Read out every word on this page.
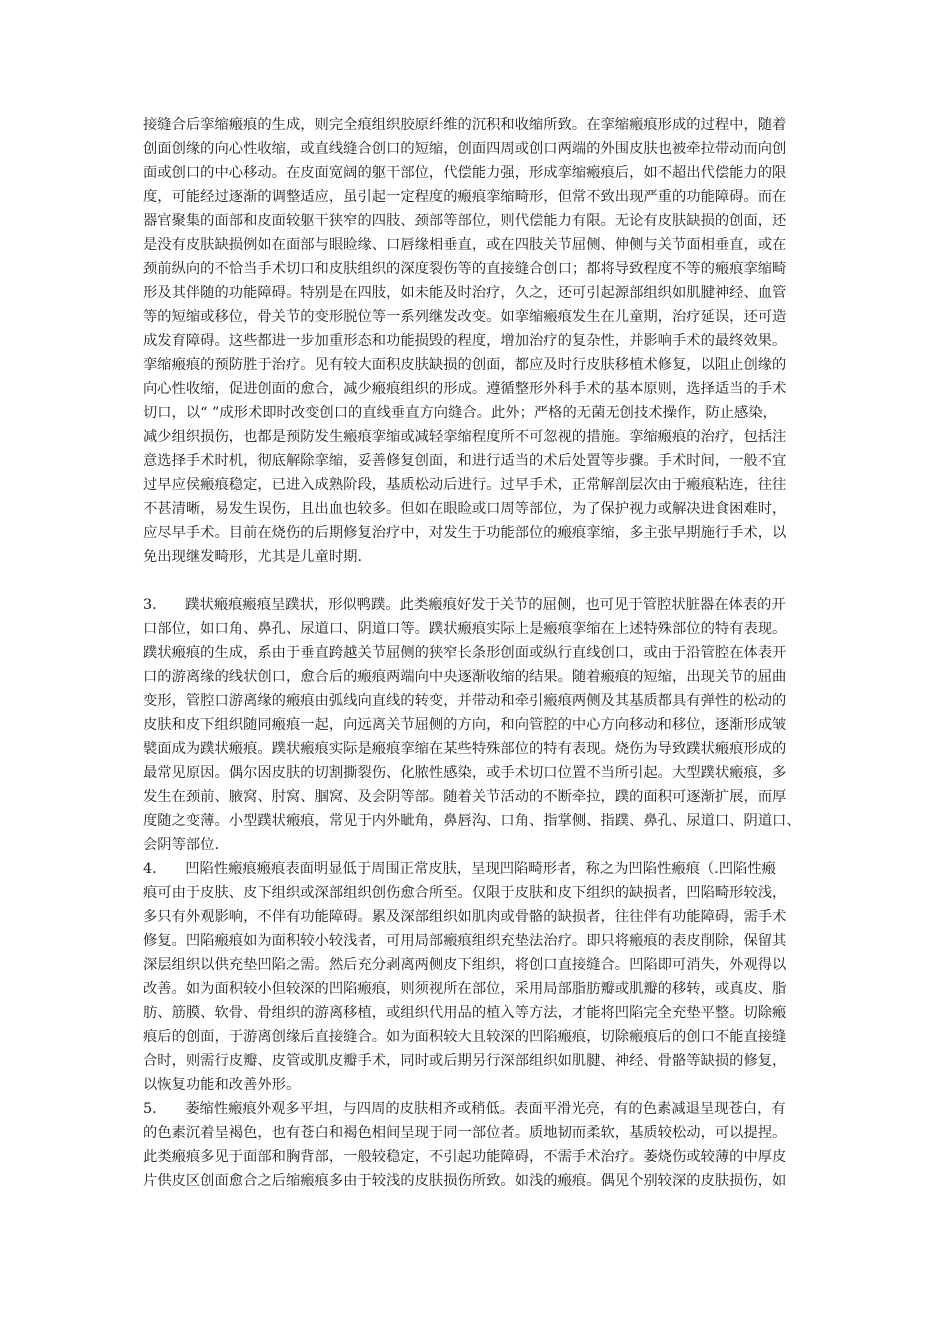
接缝合后挛缩瘢痕的生成，则完全痕组织胶原纤维的沉积和收缩所致。在挛缩瘢痕形成的过程中，随着
创面创缘的向心性收缩，或直线缝合创口的短缩，创面四周或创口两端的外围皮肤也被牵拉带动而向创
面或创口的中心移动。在皮面宽阔的躯干部位，代偿能力强，形成挛缩瘢痕后，如不超出代偿能力的限
度，可能经过逐渐的调整适应，虽引起一定程度的瘢痕挛缩畸形，但常不致出现严重的功能障碍。而在
器官聚集的面部和皮面较躯干狭窄的四肢、颈部等部位，则代偿能力有限。无论有皮肤缺损的创面，还
是没有皮肤缺损例如在面部与眼睑缘、口唇缘相垂直，或在四肢关节屈侧、伸侧与关节面相垂直，或在
颈前纵向的不恰当手术切口和皮肤组织的深度裂伤等的直接缝合创口；都将导致程度不等的瘢痕挛缩畸
形及其伴随的功能障碍。特别是在四肢，如未能及时治疗，久之，还可引起源部组织如肌腱神经、血管
等的短缩或移位，骨关节的变形脱位等一系列继发改变。如挛缩瘢痕发生在儿童期，治疗延误，还可造
成发育障碍。这些都进一步加重形态和功能损毁的程度，增加治疗的复杂性，并影响手术的最终效果。
挛缩瘢痕的预防胜于治疗。见有较大面积皮肤缺损的创面，都应及时行皮肤移植术修复，以阻止创缘的
向心性收缩，促进创面的愈合，减少瘢痕组织的形成。遵循整形外科手术的基本原则，选择适当的手术
切口，以“ ”成形术即时改变创口的直线垂直方向缝合。此外；严格的无菌无创技术操作，防止感染，
减少组织损伤，也都是预防发生瘢痕挛缩或减轻挛缩程度所不可忽视的措施。挛缩瘢痕的治疗，包括注
意选择手术时机，彻底解除挛缩，妥善修复创面，和进行适当的术后处置等步骤。手术时间，一般不宜
过早应侯瘢痕稳定，已进入成熟阶段，基质松动后进行。过早手术，正常解剖层次由于瘢痕粘连，往往
不甚清晰，易发生误伤，且出血也较多。但如在眼睑或口周等部位，为了保护视力或解决进食困难时，
应尽早手术。目前在烧伤的后期修复治疗中，对发生于功能部位的瘢痕挛缩，多主张早期施行手术，以
免出现继发畸形，尤其是儿童时期.
3.　　蹼状瘢痕瘢痕呈蹼状，形似鸭蹼。此类瘢痕好发于关节的屈侧，也可见于管腔状脏器在体表的开
口部位，如口角、鼻孔、尿道口、阴道口等。蹼状瘢痕实际上是瘢痕挛缩在上述特殊部位的特有表现。
蹼状瘢痕的生成，系由于垂直跨越关节屈侧的狭窄长条形创面或纵行直线创口，或由于沿管腔在体表开
口的游离缘的线状创口，愈合后的瘢痕两端向中央逐渐收缩的结果。随着瘢痕的短缩，出现关节的屈曲
变形，管腔口游离缘的瘢痕由弧线向直线的转变，并带动和牵引瘢痕两侧及其基质都具有弹性的松动的
皮肤和皮下组织随同瘢痕一起，向远离关节屈侧的方向，和向管腔的中心方向移动和移位，逐渐形成皱
襞面成为蹼状瘢痕。蹼状瘢痕实际是瘢痕挛缩在某些特殊部位的特有表现。烧伤为导致蹼状瘢痕形成的
最常见原因。偶尔因皮肤的切割撕裂伤、化脓性感染，或手术切口位置不当所引起。大型蹼状瘢痕，多
发生在颈前、腋窝、肘窝、腘窝、及会阴等部。随着关节活动的不断牵拉，蹼的面积可逐渐扩展，而厚
度随之变薄。小型蹼状瘢痕，常见于内外眦角，鼻唇沟、口角、指掌侧、指蹼、鼻孔、尿道口、阴道口、
会阴等部位.
4.　　凹陷性瘢痕瘢痕表面明显低于周围正常皮肤，呈现凹陷畸形者，称之为凹陷性瘢痕（.凹陷性瘢
痕可由于皮肤、皮下组织或深部组织创伤愈合所至。仅限于皮肤和皮下组织的缺损者，凹陷畸形较浅，
多只有外观影响，不伴有功能障碍。累及深部组织如肌肉或骨骼的缺损者，往往伴有功能障碍，需手术
修复。凹陷瘢痕如为面积较小较浅者，可用局部瘢痕组织充垫法治疗。即只将瘢痕的表皮削除，保留其
深层组织以供充垫凹陷之需。然后充分剥离两侧皮下组织，将创口直接缝合。凹陷即可消失，外观得以
改善。如为面积较小但较深的凹陷瘢痕，则须视所在部位，采用局部脂肪瓣或肌瓣的移转，或真皮、脂
肪、筋膜、软骨、骨组织的游离移植，或组织代用品的植入等方法，才能将凹陷完全充垫平整。切除瘢
痕后的创面，于游离创缘后直接缝合。如为面积较大且较深的凹陷瘢痕，切除瘢痕后的创口不能直接缝
合时，则需行皮瓣、皮管或肌皮瓣手术，同时或后期另行深部组织如肌腱、神经、骨骼等缺损的修复，
以恢复功能和改善外形。
5.　　萎缩性瘢痕外观多平坦，与四周的皮肤相齐或稍低。表面平滑光亮，有的色素减退呈现苍白，有
的色素沉着呈褐色，也有苍白和褐色相间呈现于同一部位者。质地韧而柔软，基质较松动，可以提捏。
此类瘢痕多见于面部和胸背部，一般较稳定，不引起功能障碍，不需手术治疗。萎烧伤或较薄的中厚皮
片供皮区创面愈合之后缩瘢痕多由于较浅的皮肤损伤所致。如浅的瘢痕。偶见个别较深的皮肤损伤，如
